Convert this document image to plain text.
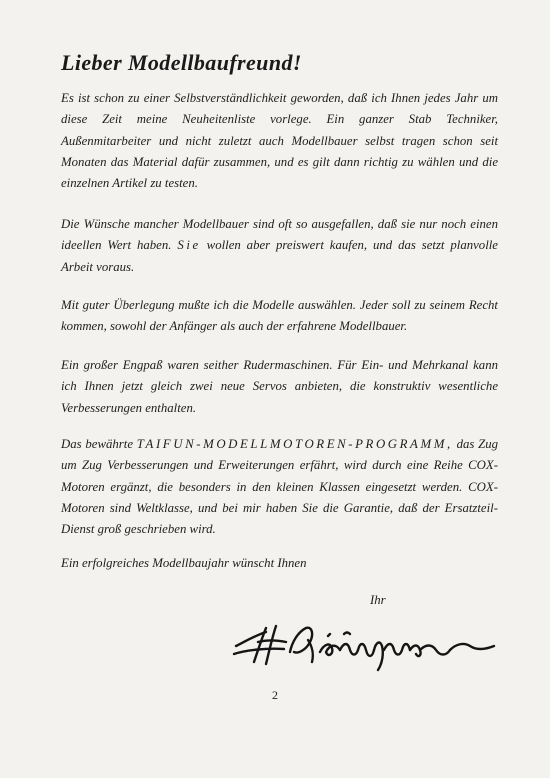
Lieber Modellbaufreund!

Es ist schon zu einer Selbstverständlichkeit geworden, daß ich Ihnen jedes Jahr um diese Zeit meine Neuheitenliste vorlege. Ein ganzer Stab Techniker, Außenmitarbeiter und nicht zuletzt auch Modellbauer selbst tragen schon seit Monaten das Material dafür zusammen, und es gilt dann richtig zu wählen und die einzelnen Artikel zu testen.

Die Wünsche mancher Modellbauer sind oft so ausgefallen, daß sie nur noch einen ideellen Wert haben. Sie wollen aber preiswert kaufen, und das setzt planvolle Arbeit voraus.

Mit guter Überlegung mußte ich die Modelle auswählen. Jeder soll zu seinem Recht kommen, sowohl der Anfänger als auch der erfahrene Modellbauer.

Ein großer Engpaß waren seither Rudermaschinen. Für Ein- und Mehrkanal kann ich Ihnen jetzt gleich zwei neue Servos anbieten, die konstruktiv wesentliche Verbesserungen enthalten.

Das bewährte TAIFUN-MODELLMOTOREN-PROGRAMM, das Zug um Zug Verbesserungen und Erweiterungen erfährt, wird durch eine Reihe COX-Motoren ergänzt, die besonders in den kleinen Klassen eingesetzt werden. COX-Motoren sind Weltklasse, und bei mir haben Sie die Garantie, daß der Ersatzteil-Dienst groß geschrieben wird.

Ein erfolgreiches Modellbaujahr wünscht Ihnen

Ihr

2
